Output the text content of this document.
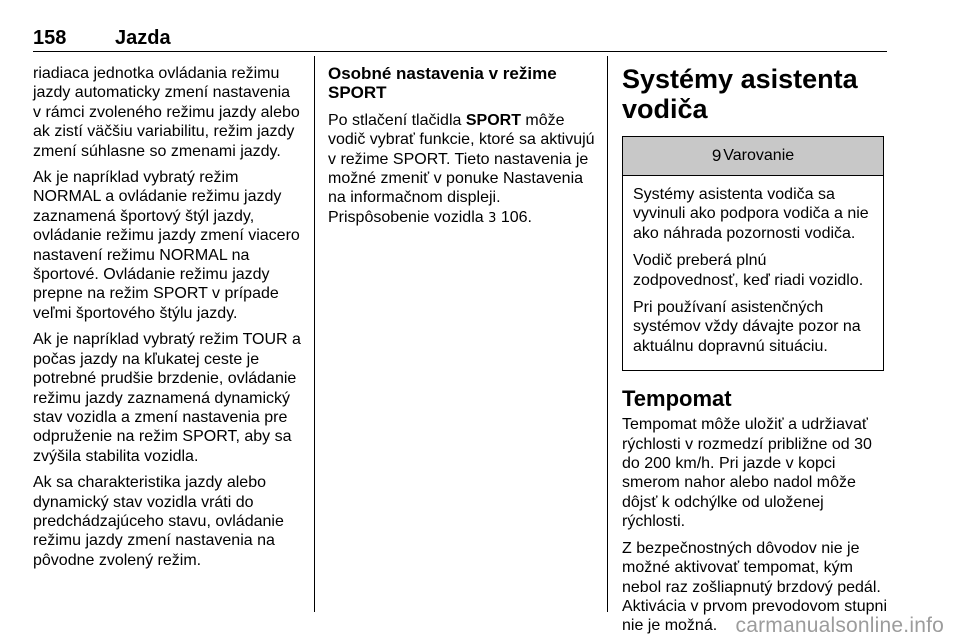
158 Jazda

riadiaca jednotka ovládania režimu jazdy automaticky zmení nastavenia v rámci zvoleného režimu jazdy alebo ak zistí väčšiu variabilitu, režim jazdy zmení súhlasne so zmenami jazdy.

Ak je napríklad vybratý režim NORMAL a ovládanie režimu jazdy zaznamená športový štýl jazdy, ovládanie režimu jazdy zmení viacero nastavení režimu NORMAL na športové. Ovládanie režimu jazdy prepne na režim SPORT v prípade veľmi športového štýlu jazdy.

Ak je napríklad vybratý režim TOUR a počas jazdy na kľukatej ceste je potrebné prudšie brzdenie, ovládanie režimu jazdy zaznamená dynamický stav vozidla a zmení nastavenia pre odpruženie na režim SPORT, aby sa zvýšila stabilita vozidla.

Ak sa charakteristika jazdy alebo dynamický stav vozidla vráti do predchádzajúceho stavu, ovládanie režimu jazdy zmení nastavenia na pôvodne zvolený režim.

Osobné nastavenia v režime SPORT

Po stlačení tlačidla SPORT môže vodič vybrať funkcie, ktoré sa aktivujú v režime SPORT. Tieto nastavenia je možné zmeniť v ponuke Nastavenia na informačnom displeji. Prispôsobenie vozidla 3 106.

Systémy asistenta vodiča
9 Varovanie

Systémy asistenta vodiča sa vyvinuli ako podpora vodiča a nie ako náhrada pozornosti vodiča.

Vodič preberá plnú zodpovednosť, keď riadi vozidlo.

Pri používaní asistenčných systémov vždy dávajte pozor na aktuálnu dopravnú situáciu.

Tempomat

Tempomat môže uložiť a udržiavať rýchlosti v rozmedzí približne od 30 do 200 km/h. Pri jazde v kopci smerom nahor alebo nadol môže dôjsť k odchýlke od uloženej rýchlosti.

Z bezpečnostných dôvodov nie je možné aktivovať tempomat, kým nebol raz zošliapnutý brzdový pedál. Aktivácia v prvom prevodovom stupni nie je možná. carmanualsonline.info
